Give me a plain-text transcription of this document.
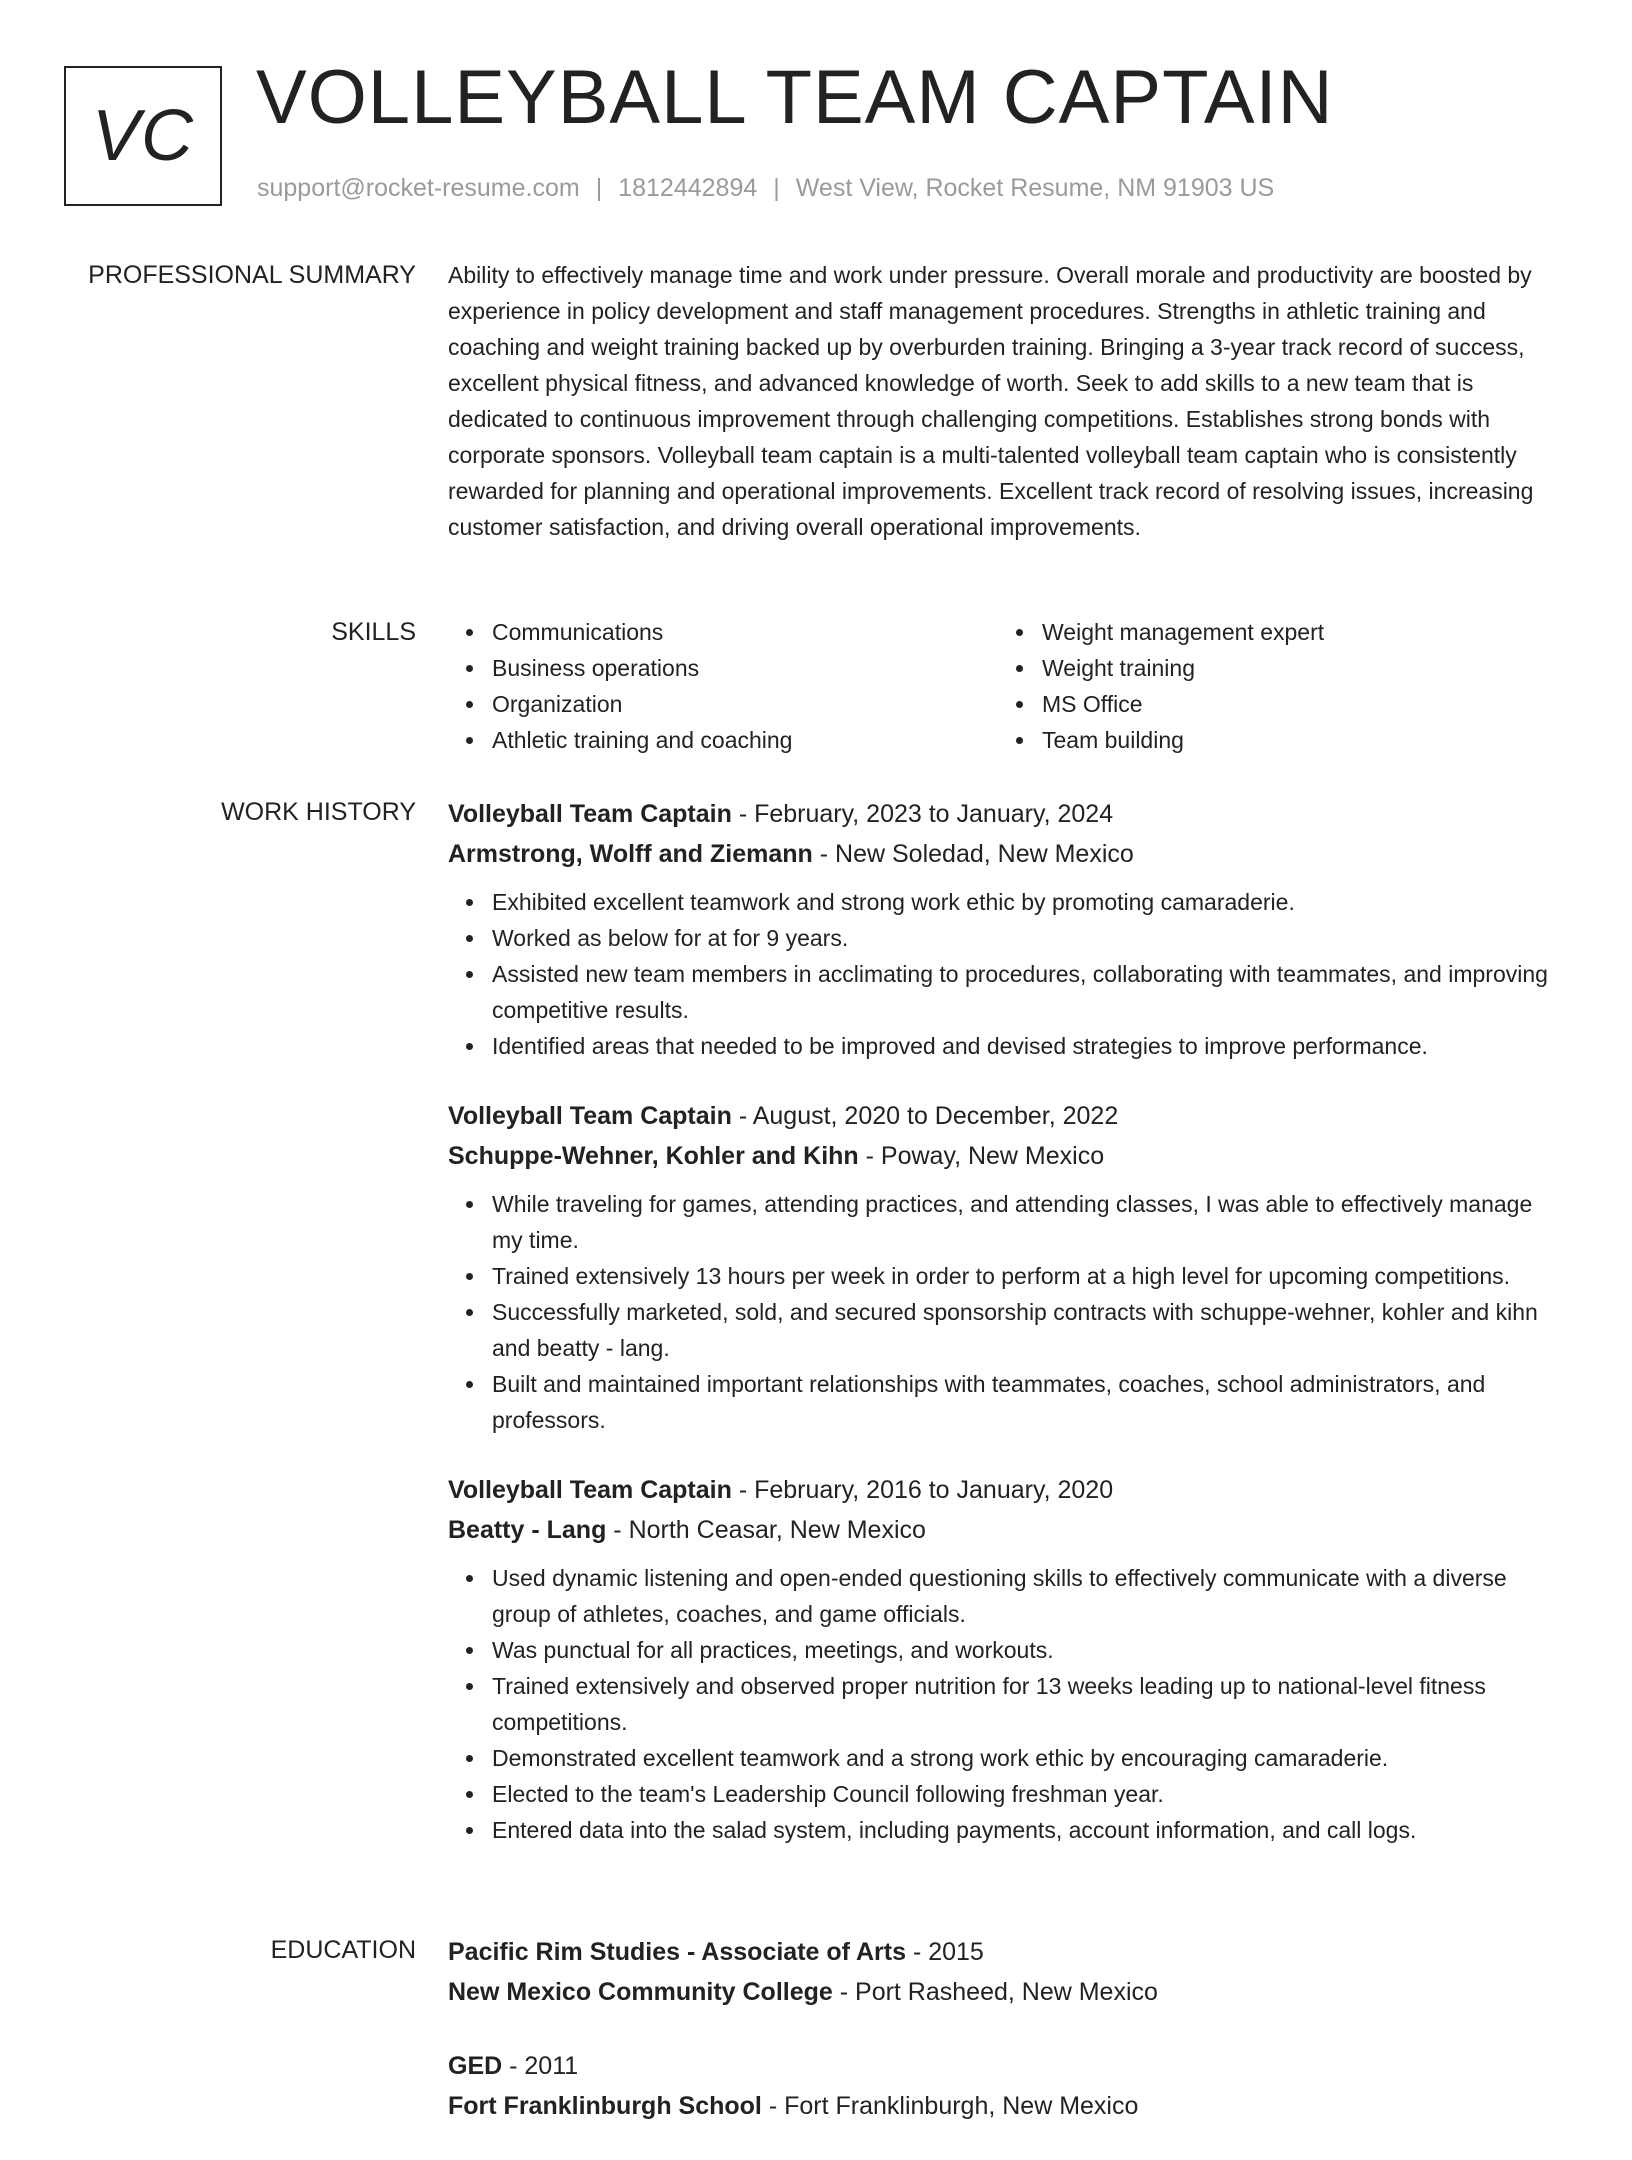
VC VOLLEYBALL TEAM CAPTAIN
support@rocket-resume.com | 1812442894 | West View, Rocket Resume, NM 91903 US
PROFESSIONAL SUMMARY Ability to effectively manage time and work under pressure. Overall morale and productivity are boosted by experience in policy development and staff management procedures. Strengths in athletic training and coaching and weight training backed up by overburden training. Bringing a 3-year track record of success, excellent physical fitness, and advanced knowledge of worth. Seek to add skills to a new team that is dedicated to continuous improvement through challenging competitions. Establishes strong bonds with corporate sponsors. Volleyball team captain is a multi-talented volleyball team captain who is consistently rewarded for planning and operational improvements. Excellent track record of resolving issues, increasing customer satisfaction, and driving overall operational improvements.

SKILLS	Communications
Business operations
Organization
Athletic training and coaching
Weight management expert
Weight training
MS Office
Team building
WORK HISTORY Volleyball Team Captain - February, 2023 to January, 2024
Armstrong, Wolff and Ziemann - New Soledad, New Mexico
Exhibited excellent teamwork and strong work ethic by promoting camaraderie.
Worked as below for at for 9 years.
Assisted new team members in acclimating to procedures, collaborating with teammates, and improving competitive results.
Identified areas that needed to be improved and devised strategies to improve performance.
Volleyball Team Captain - August, 2020 to December, 2022
Schuppe-Wehner, Kohler and Kihn - Poway, New Mexico
While traveling for games, attending practices, and attending classes, I was able to effectively manage my time.
Trained extensively 13 hours per week in order to perform at a high level for upcoming competitions.
Successfully marketed, sold, and secured sponsorship contracts with schuppe-wehner, kohler and kihn and beatty - lang.
Built and maintained important relationships with teammates, coaches, school administrators, and professors.
Volleyball Team Captain - February, 2016 to January, 2020
Beatty - Lang - North Ceasar, New Mexico
Used dynamic listening and open-ended questioning skills to effectively communicate with a diverse group of athletes, coaches, and game officials.
Was punctual for all practices, meetings, and workouts.
Trained extensively and observed proper nutrition for 13 weeks leading up to national-level fitness competitions.
Demonstrated excellent teamwork and a strong work ethic by encouraging camaraderie.
Elected to the team's Leadership Council following freshman year.
Entered data into the salad system, including payments, account information, and call logs.
EDUCATION Pacific Rim Studies - Associate of Arts - 2015
New Mexico Community College - Port Rasheed, New Mexico
GED - 2011
Fort Franklinburgh School - Fort Franklinburgh, New Mexico
